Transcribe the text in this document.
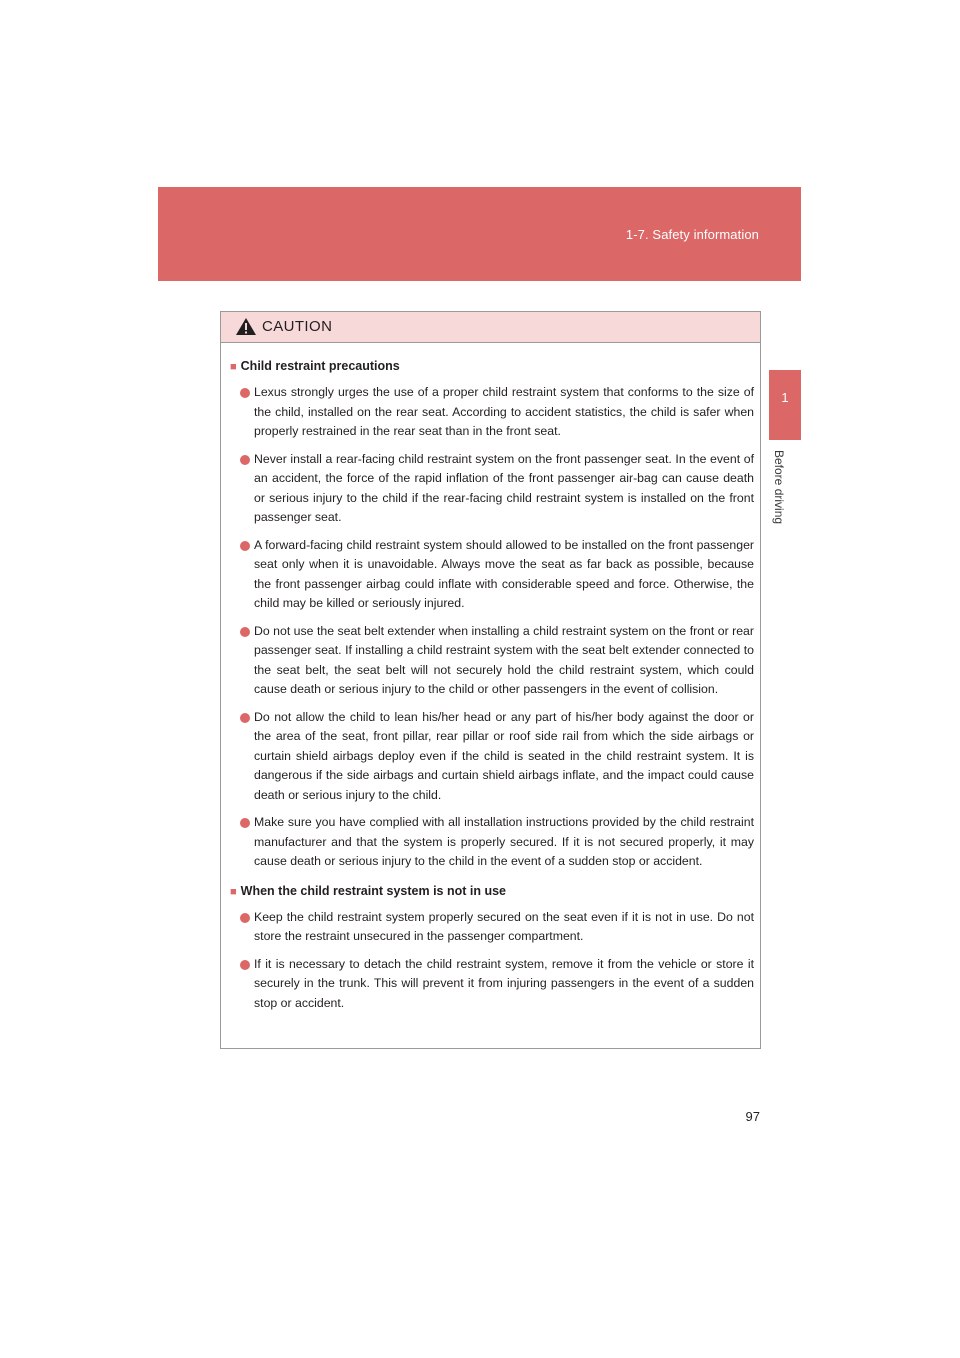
1-7. Safety information
1
Before driving
CAUTION
■ Child restraint precautions
Lexus strongly urges the use of a proper child restraint system that conforms to the size of the child, installed on the rear seat. According to accident statistics, the child is safer when properly restrained in the rear seat than in the front seat.
Never install a rear-facing child restraint system on the front passenger seat. In the event of an accident, the force of the rapid inflation of the front passenger air-bag can cause death or serious injury to the child if the rear-facing child restraint system is installed on the front passenger seat.
A forward-facing child restraint system should allowed to be installed on the front passenger seat only when it is unavoidable. Always move the seat as far back as possible, because the front passenger airbag could inflate with considerable speed and force. Otherwise, the child may be killed or seriously injured.
Do not use the seat belt extender when installing a child restraint system on the front or rear passenger seat. If installing a child restraint system with the seat belt extender connected to the seat belt, the seat belt will not securely hold the child restraint system, which could cause death or serious injury to the child or other passengers in the event of collision.
Do not allow the child to lean his/her head or any part of his/her body against the door or the area of the seat, front pillar, rear pillar or roof side rail from which the side airbags or curtain shield airbags deploy even if the child is seated in the child restraint system. It is dangerous if the side airbags and curtain shield airbags inflate, and the impact could cause death or serious injury to the child.
Make sure you have complied with all installation instructions provided by the child restraint manufacturer and that the system is properly secured. If it is not secured properly, it may cause death or serious injury to the child in the event of a sudden stop or accident.
■ When the child restraint system is not in use
Keep the child restraint system properly secured on the seat even if it is not in use. Do not store the restraint unsecured in the passenger compartment.
If it is necessary to detach the child restraint system, remove it from the vehicle or store it securely in the trunk. This will prevent it from injuring passengers in the event of a sudden stop or accident.
97
